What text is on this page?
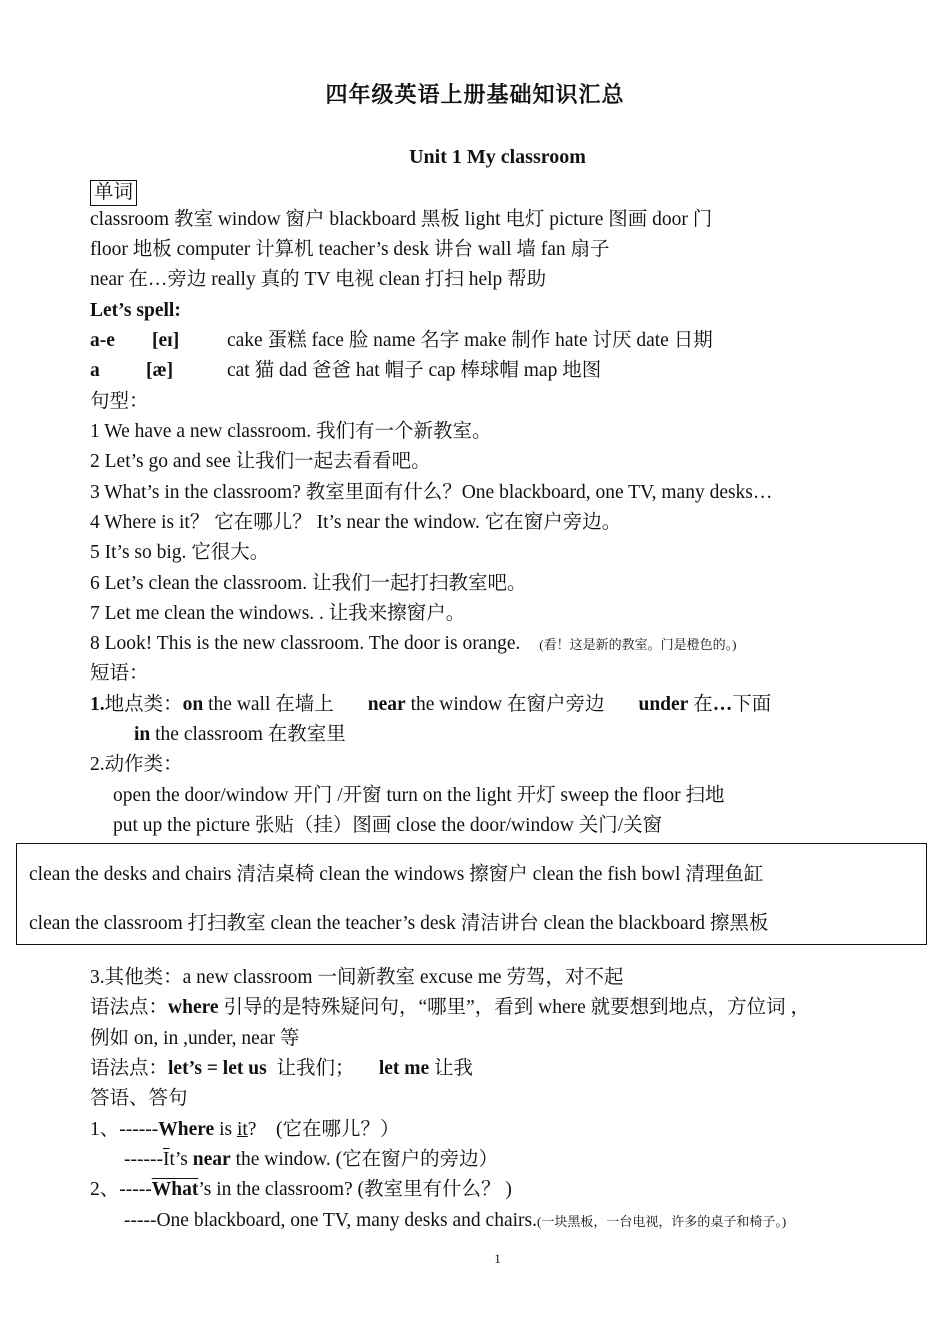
四年级英语上册基础知识汇总
Unit 1 My classroom
单词
classroom 教室 window 窗户 blackboard 黑板 light 电灯 picture 图画 door 门
floor 地板 computer 计算机 teacher’s desk 讲台 wall 墙 fan 扇子
near 在…旁边 really 真的 TV 电视 clean 打扫 help 帮助
Let’s spell:
a-e [eɪ] cake 蛋糕 face 脸 name 名字 make 制作 hate 讨厌 date 日期
a [æ]	cat 猫 dad 爸爸 hat 帽子 cap 棒球帽 map 地图
句型：
1 We have a new classroom. 我们有一个新教室。
2 Let’s go and see 让我们一起去看看吧。
3 What’s in the classroom? 教室里面有什么？One blackboard, one TV, many desks…
4 Where is it？ 它在哪儿？ It’s near the window. 它在窗户旁边。
5 It’s so big. 它很大。
6 Let’s clean the classroom. 让我们一起打扫教室吧。
7 Let me clean the windows. . 让我来擦窗户。
8 Look! This is the new classroom. The door is orange. (看！这是新的教室。门是橙色的。)
短语：
1.地点类：on the wall 在墙上 near the window 在窗户旁边 under 在…下面
in the classroom 在教室里
2.动作类：
open the door/window 开门 /开窗 turn on the light 开灯 sweep the floor 扫地
put up the picture 张贴（挂）图画 close the door/window 关门/关窗
clean the desks and chairs 清洁桌椅 clean the windows 擦窗户 clean the fish bowl 清理鱼缸
clean the classroom 打扫教室 clean the teacher’s desk 清洁讲台 clean the blackboard 擦黑板
3.其他类：a new classroom 一间新教室 excuse me 劳驾，对不起
语法点：where 引导的是特殊疑问句，“哪里”，看到 where 就要想到地点，方位词 ，
例如 on, in ,under, near 等
语法点：let’s = let us  让我们；     let me 让我
答语、答句
1、------Where is it?    (它在哪儿？）
$------\overline{I}t’s$ near the window. (它在窗户的旁边）
2、-----What’s in the classroom? (教室里有什么？ )
-----One blackboard, one TV, many desks and chairs.(一块黑板，一台电视，许多的桌子和椅子。)
1
